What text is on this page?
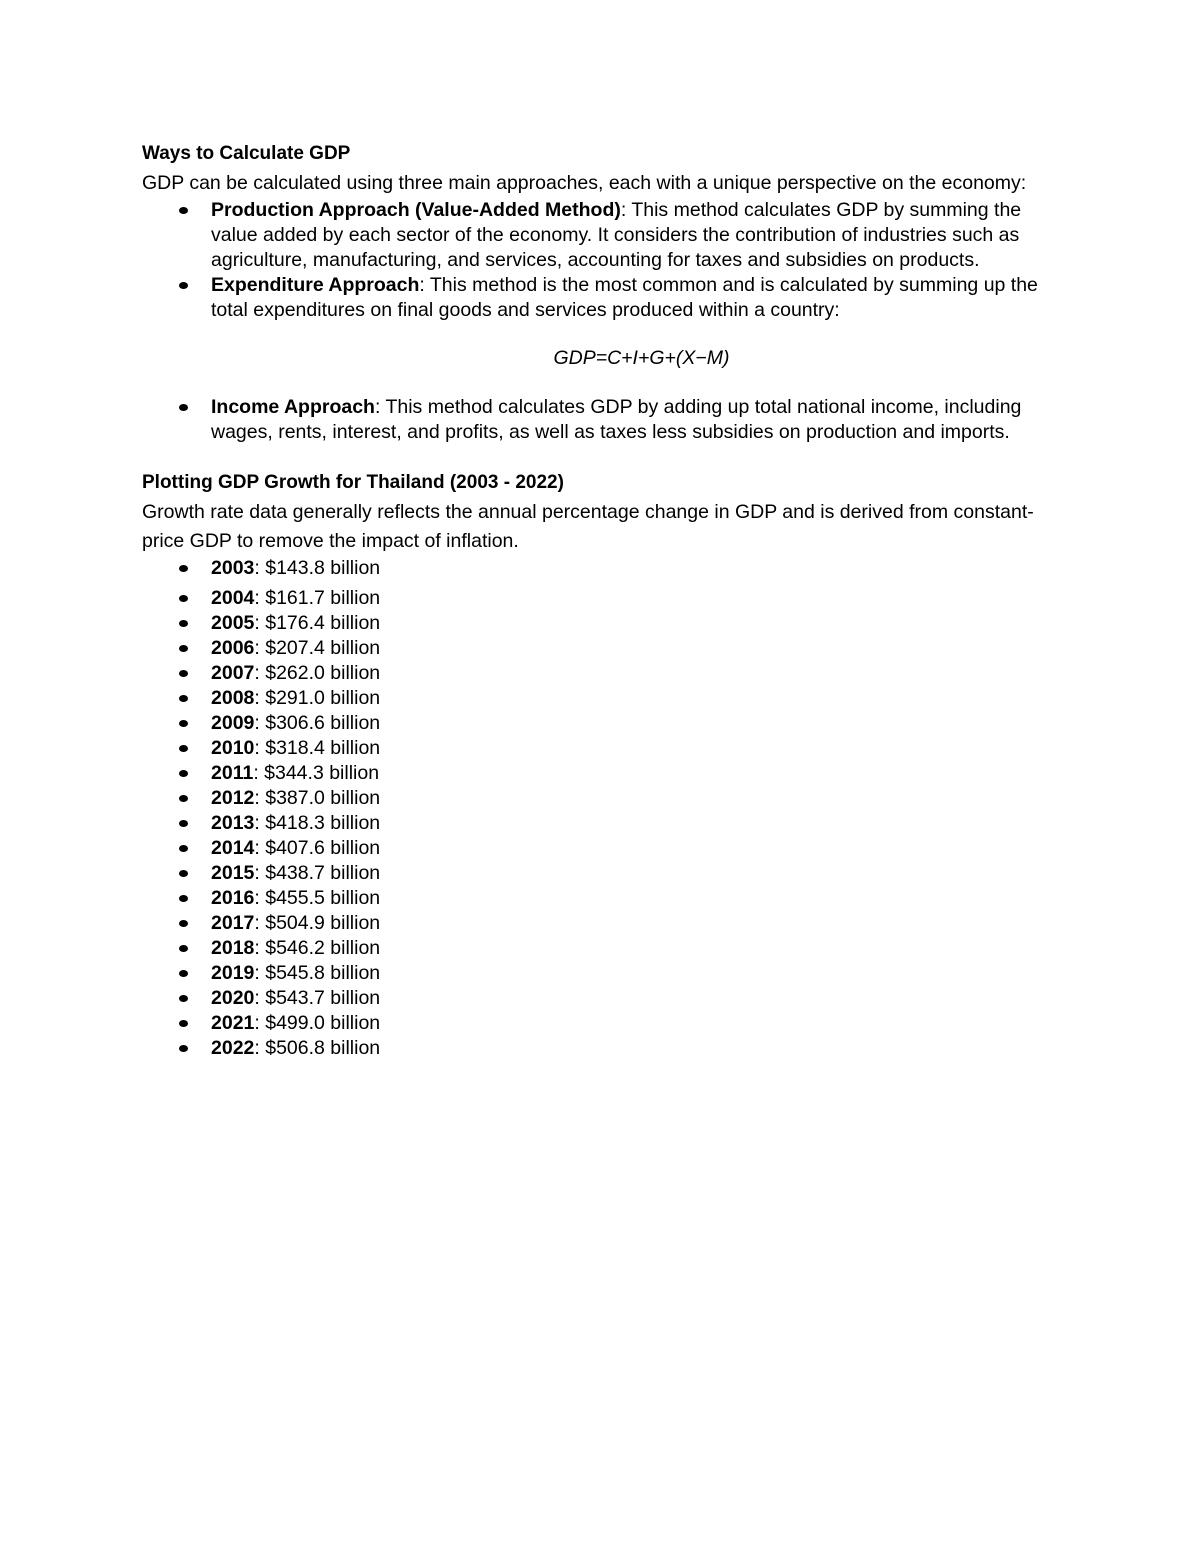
Ways to Calculate GDP

GDP can be calculated using three main approaches, each with a unique perspective on the economy:

Production Approach (Value-Added Method): This method calculates GDP by summing the value added by each sector of the economy. It considers the contribution of industries such as agriculture, manufacturing, and services, accounting for taxes and subsidies on products.
Expenditure Approach: This method is the most common and is calculated by summing up the total expenditures on final goods and services produced within a country:
GDP=C+I+G+(X−M)
Income Approach: This method calculates GDP by adding up total national income, including wages, rents, interest, and profits, as well as taxes less subsidies on production and imports.
Plotting GDP Growth for Thailand (2003 - 2022)

Growth rate data generally reflects the annual percentage change in GDP and is derived from constant-price GDP to remove the impact of inflation.

2003: $143.8 billion
2004: $161.7 billion
2005: $176.4 billion
2006: $207.4 billion
2007: $262.0 billion
2008: $291.0 billion
2009: $306.6 billion
2010: $318.4 billion
2011: $344.3 billion
2012: $387.0 billion
2013: $418.3 billion
2014: $407.6 billion
2015: $438.7 billion
2016: $455.5 billion
2017: $504.9 billion
2018: $546.2 billion
2019: $545.8 billion
2020: $543.7 billion
2021: $499.0 billion
2022: $506.8 billion
